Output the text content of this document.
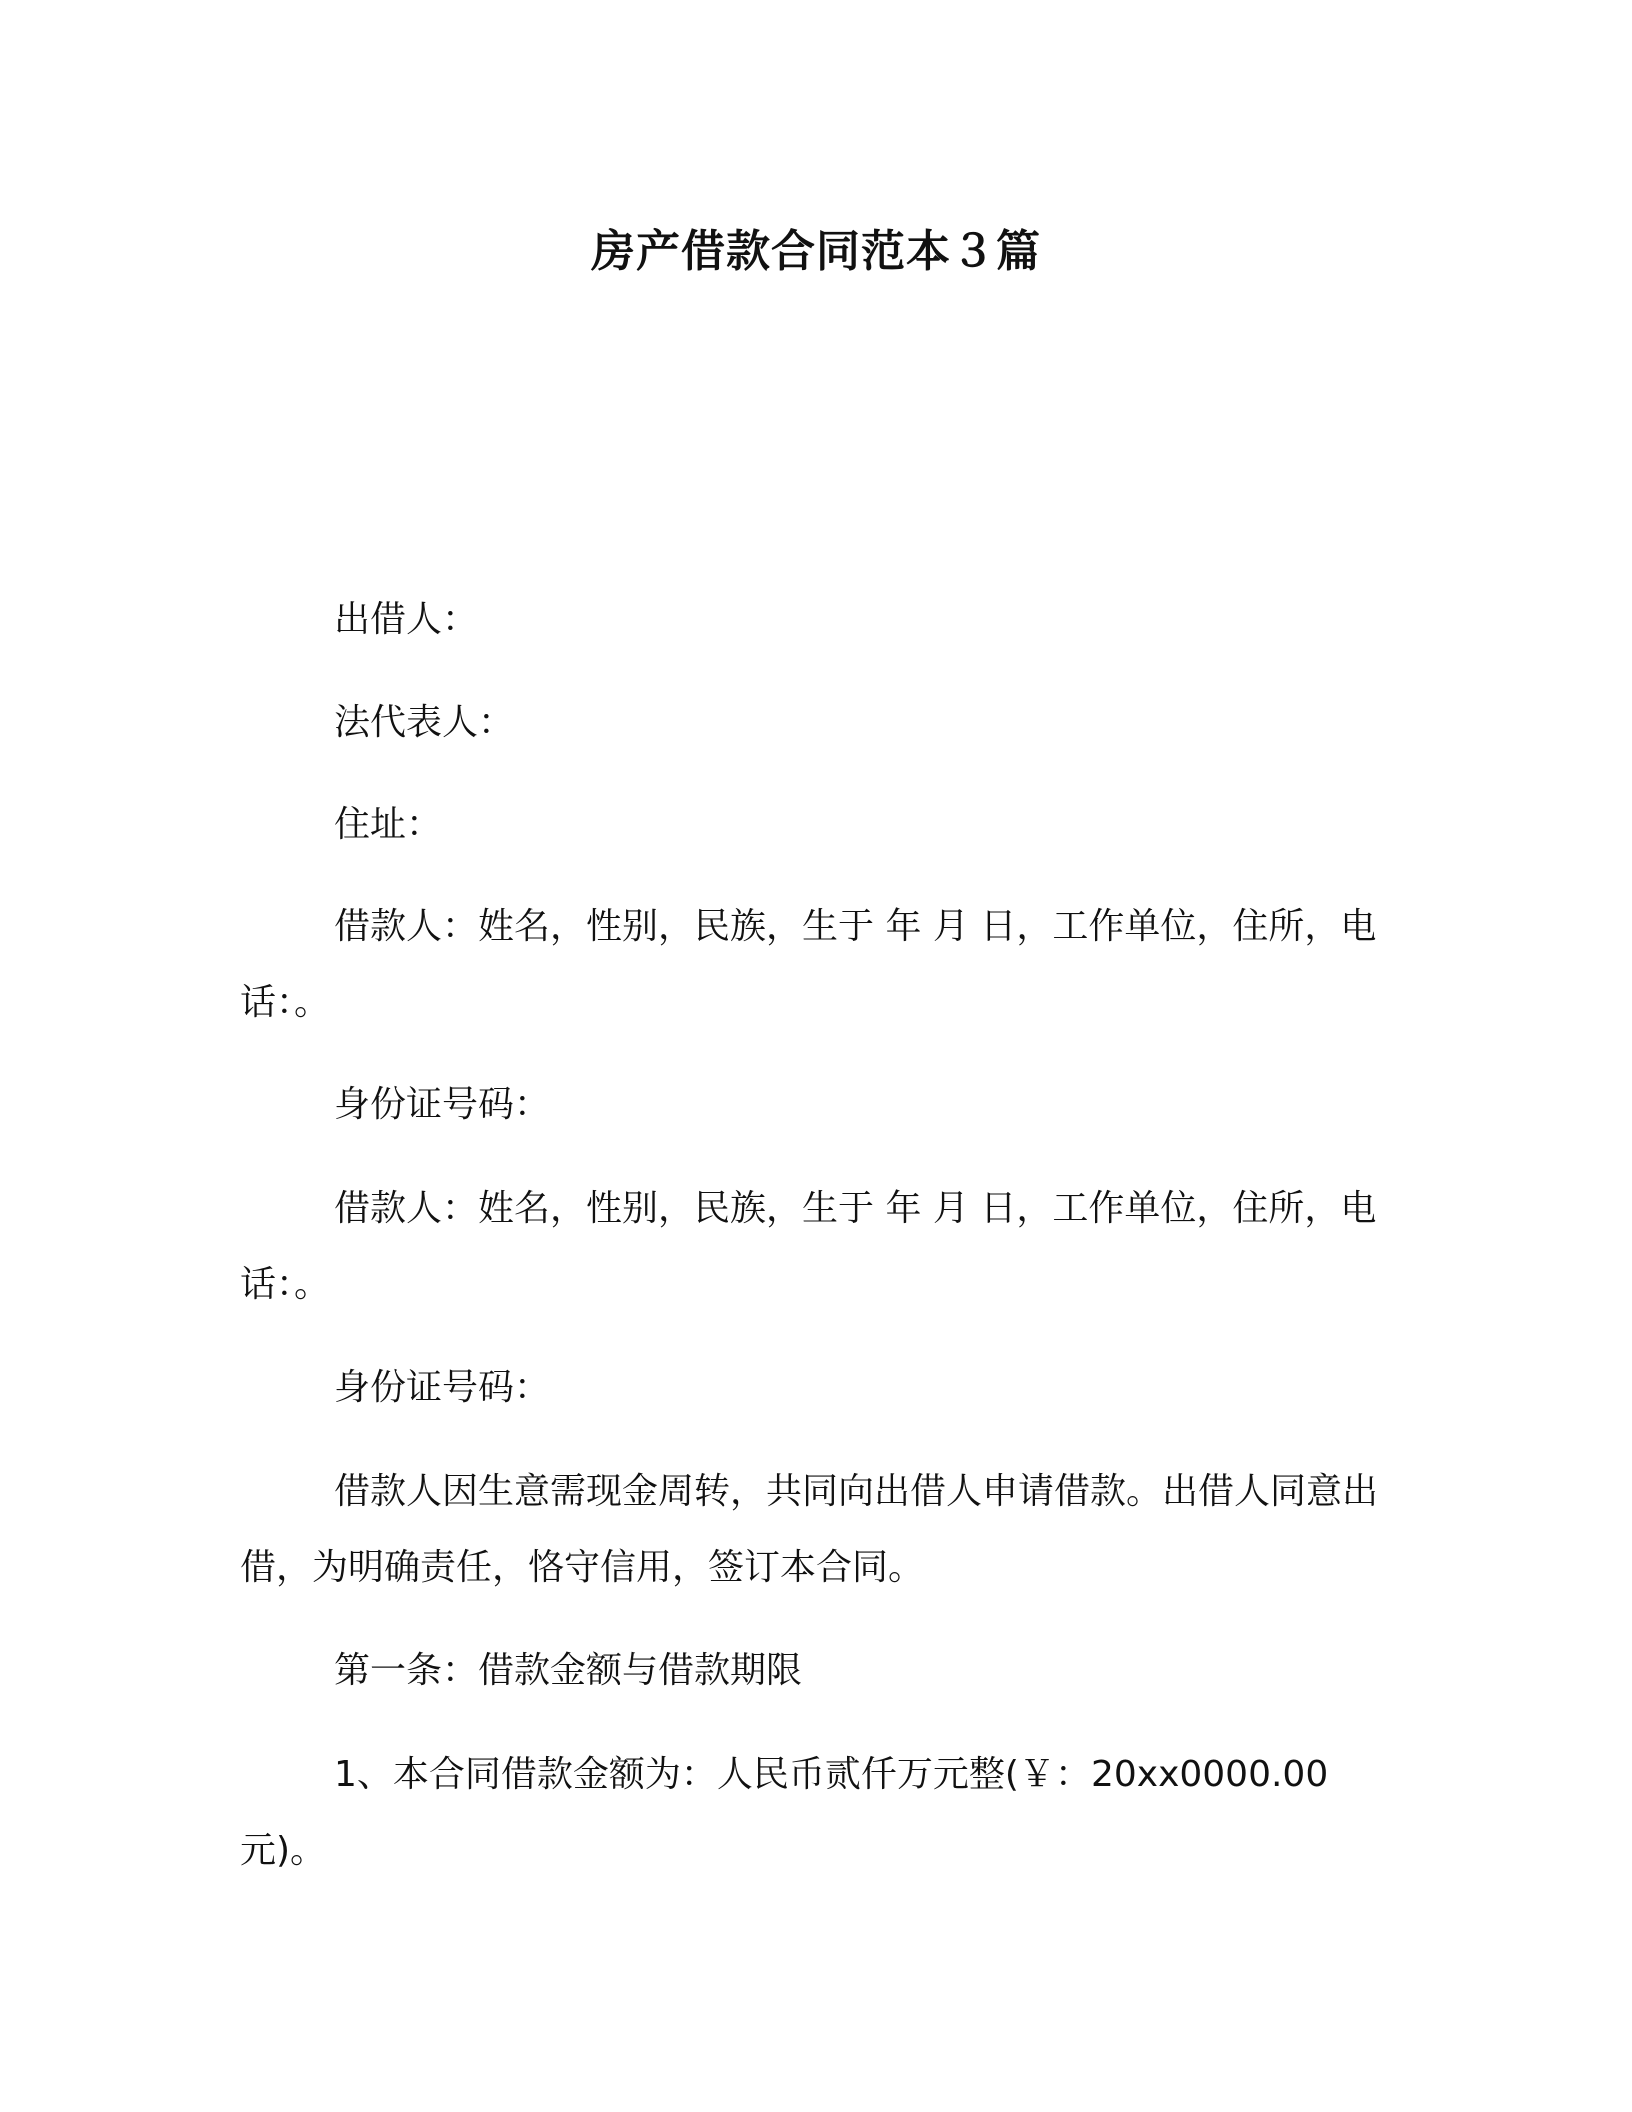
房产借款合同范本３篇

出借人：

法代表人：

住址：

借款人：姓名，性别，民族，生于 年 月 日，工作单位，住所，电话：。

身份证号码：

借款人：姓名，性别，民族，生于 年 月 日，工作单位，住所，电话：。

身份证号码：

借款人因生意需现金周转，共同向出借人申请借款。出借人同意出借，为明确责任，恪守信用，签订本合同。

第一条：借款金额与借款期限

1、本合同借款金额为：人民币贰仟万元整(￥：20xx0000.00元)。
